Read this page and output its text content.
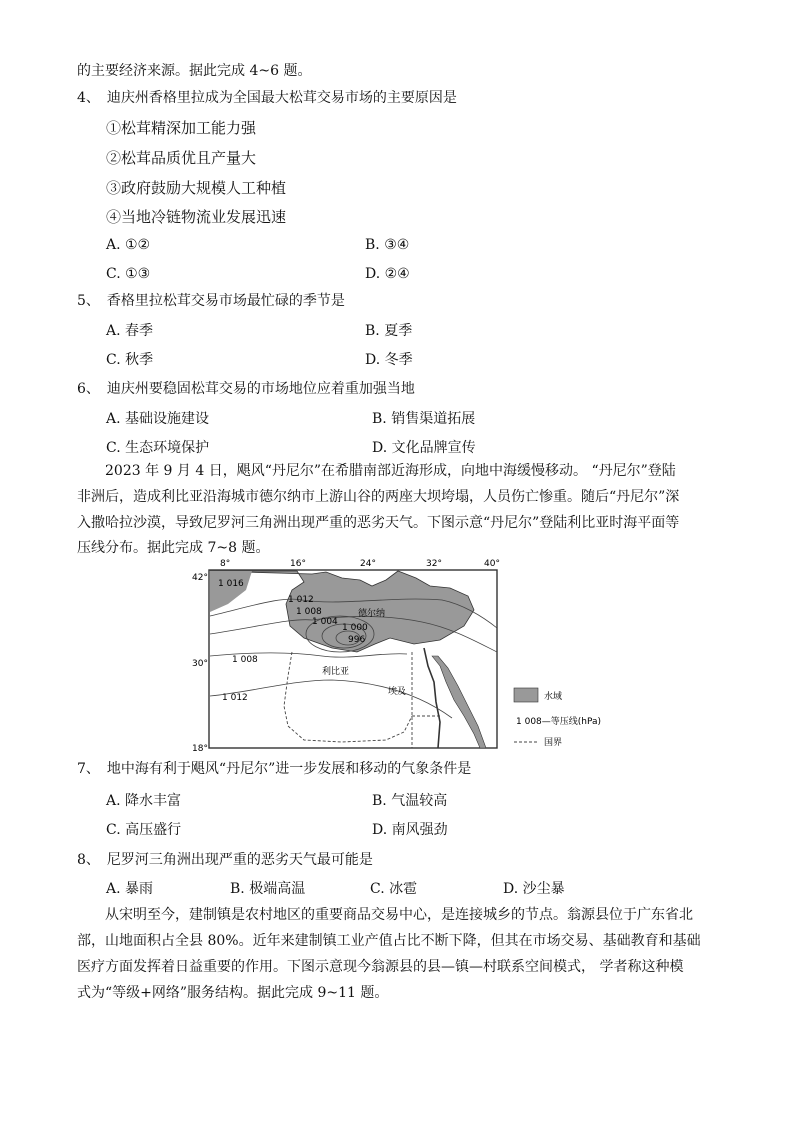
的主要经济来源。据此完成 4~6 题。
4、　迪庆州香格里拉成为全国最大松茸交易市场的主要原因是
①松茸精深加工能力强
②松茸品质优且产量大
③政府鼓励大规模人工种植
④当地冷链物流业发展迅速
A. ①②	B. ③④
C. ①③	D. ②④
5、　香格里拉松茸交易市场最忙碌的季节是
A. 春季	B. 夏季
C. 秋季	D. 冬季
6、　迪庆州要稳固松茸交易的市场地位应着重加强当地
A. 基础设施建设	B. 销售渠道拓展
C. 生态环境保护	D. 文化品牌宣传
　　2023 年 9 月 4 日，飓风“丹尼尔”在希腊南部近海形成，向地中海缓慢移动。 “丹尼尔”登陆
非洲后，造成利比亚沿海城市德尔纳市上游山谷的两座大坝垮塌，人员伤亡惨重。随后“丹尼尔”深
入撒哈拉沙漠，导致尼罗河三角洲出现严重的恶劣天气。下图示意“丹尼尔”登陆利比亚时海平面等
压线分布。据此完成 7~8 题。
1 016
1 012
1 008
1 004
1 000
996
1 008
1 012
利比亚
埃及
德尔纳
8°	16°	24°	32°	40°
42°
30°
18°
水域
1 008—等压线(hPa)
国界
7、　地中海有利于飓风“丹尼尔”进一步发展和移动的气象条件是
A. 降水丰富	B. 气温较高
C. 高压盛行	D. 南风强劲
8、　尼罗河三角洲出现严重的恶劣天气最可能是
A. 暴雨	B. 极端高温	C. 冰雹	D. 沙尘暴
　　从宋明至今，建制镇是农村地区的重要商品交易中心，是连接城乡的节点。翁源县位于广东省北
部，山地面积占全县 80%。近年来建制镇工业产值占比不断下降，但其在市场交易、基础教育和基础
医疗方面发挥着日益重要的作用。下图示意现今翁源县的县—镇—村联系空间模式， 学者称这种模
式为“等级+网络”服务结构。据此完成 9~11 题。
